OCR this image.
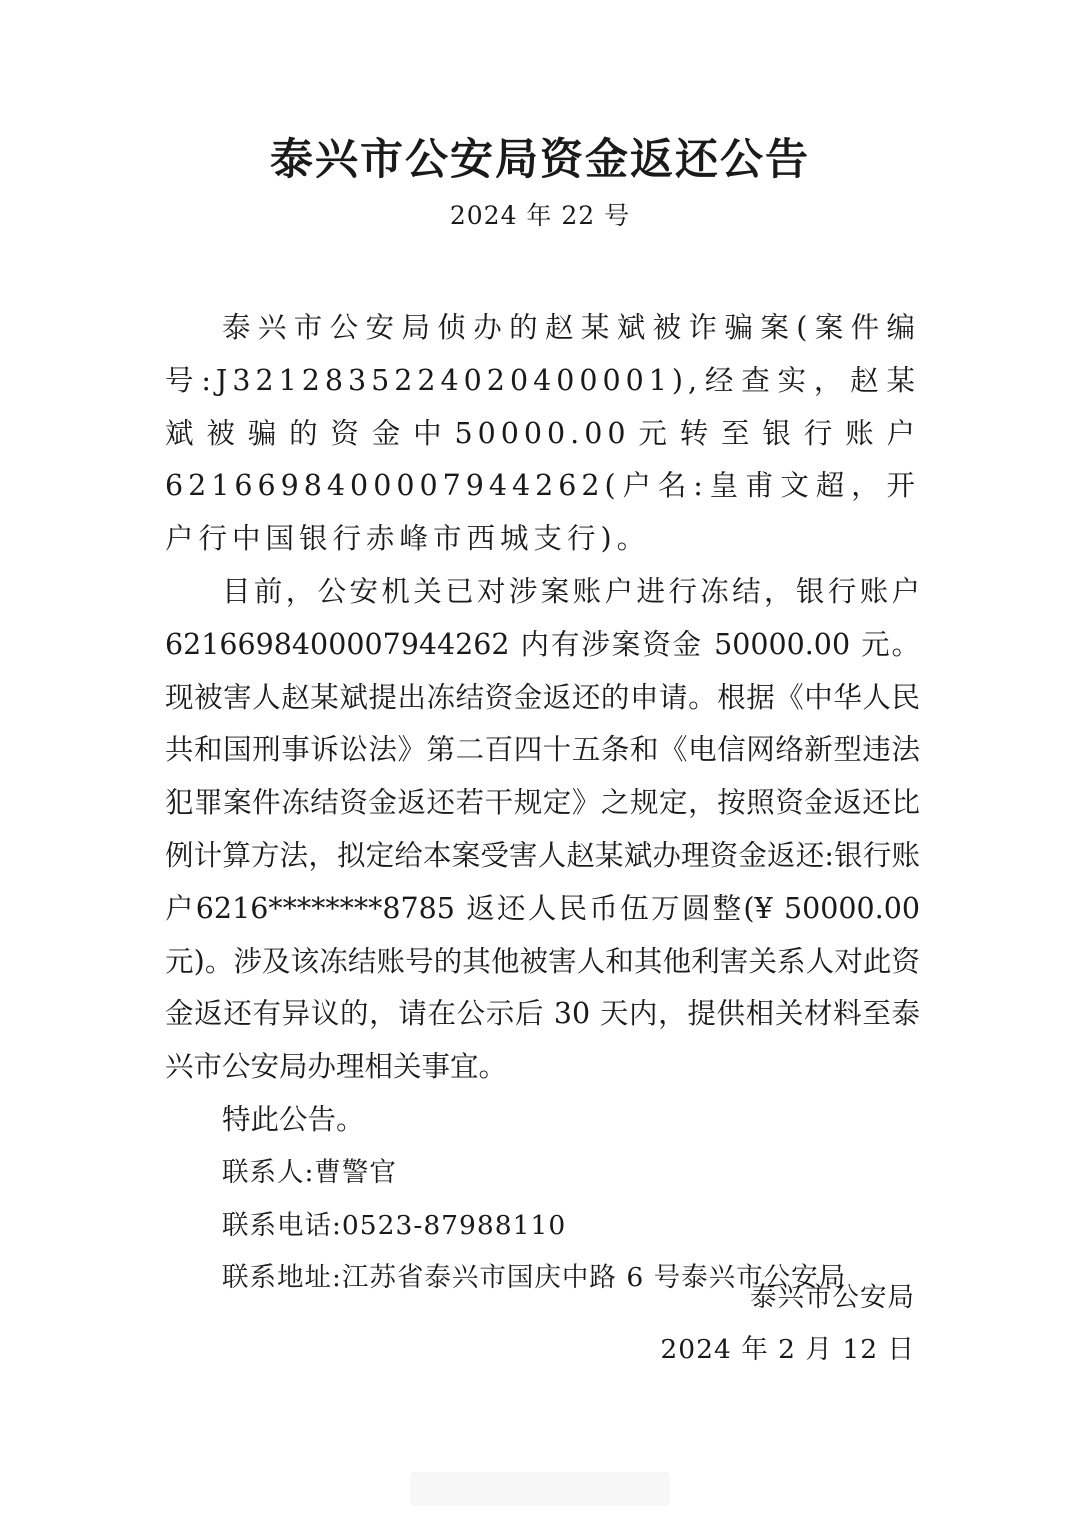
泰兴市公安局资金返还公告
2024 年 22 号

泰兴市公安局侦办的赵某斌被诈骗案(案件编号:J3212835224020400001),经查实，赵某斌被骗的资金中50000.00元转至银行账户6216698400007944262(户名:皇甫文超，开户行中国银行赤峰市西城支行)。

目前，公安机关已对涉案账户进行冻结，银行账户6216698400007944262 内有涉案资金 50000.00 元。现被害人赵某斌提出冻结资金返还的申请。根据《中华人民共和国刑事诉讼法》第二百四十五条和《电信网络新型违法犯罪案件冻结资金返还若干规定》之规定，按照资金返还比例计算方法，拟定给本案受害人赵某斌办理资金返还:银行账户6216********8785 返还人民币伍万圆整(¥ 50000.00 元)。涉及该冻结账号的其他被害人和其他利害关系人对此资金返还有异议的，请在公示后 30 天内，提供相关材料至泰兴市公安局办理相关事宜。

特此公告。

联系人:曹警官
联系电话:0523-87988110
联系地址:江苏省泰兴市国庆中路 6 号泰兴市公安局
泰兴市公安局
2024 年 2 月 12 日
